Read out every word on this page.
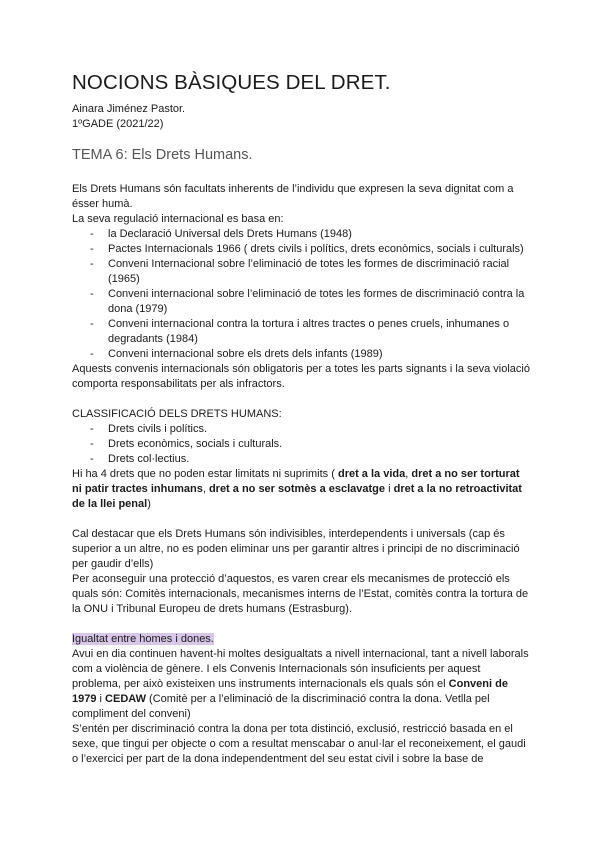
NOCIONS BÀSIQUES DEL DRET.
Ainara Jiménez Pastor.
1ºGADE (2021/22)
TEMA 6: Els Drets Humans.

Els Drets Humans són facultats inherents de l’individu que expresen la seva dignitat com a ésser humà.

La seva regulació internacional es basa en:

- la Declaració Universal dels Drets Humans (1948)
- Pactes Internacionals 1966 ( drets civils i polítics, drets econòmics, socials i culturals)
- Conveni Internacional sobre l’eliminació de totes les formes de discriminació racial (1965)
- Conveni internacional sobre l’eliminació de totes les formes de discriminació contra la dona (1979)
- Conveni internacional contra la tortura i altres tractes o penes cruels, inhumanes o degradants (1984)
- Conveni internacional sobre els drets dels infants (1989)

Aquests convenis internacionals són obligatoris per a totes les parts signants i la seva violació comporta responsabilitats per als infractors.

CLASSIFICACIÓ DELS DRETS HUMANS:

- Drets civils i polítics.
- Drets econòmics, socials i culturals.
- Drets col·lectius.

Hi ha 4 drets que no poden estar limitats ni suprimits ( dret a la vida, dret a no ser torturat ni patir tractes inhumans, dret a no ser sotmès a esclavatge i dret a la no retroactivitat de la llei penal)

Cal destacar que els Drets Humans són indivisibles, interdependents i universals (cap és superior a un altre, no es poden eliminar uns per garantir altres i principi de no discriminació per gaudir d’ells)

Per aconseguir una protecció d’aquestos, es varen crear els mecanismes de protecció els quals són: Comitès internacionals, mecanismes interns de l’Estat, comitès contra la tortura de la ONU i Tribunal Europeu de drets humans (Estrasburg).

Igualtat entre homes i dones.

Avui en dia continuen havent-hi moltes desigualtats a nivell internacional, tant a nivell laborals com a violència de gènere. I els Convenis Internacionals són insuficients per aquest problema, per això existeixen uns instruments internacionals els quals són el Conveni de 1979 i CEDAW (Comitè per a l’eliminació de la discriminació contra la dona. Vetlla pel compliment del conveni)

S’entén per discriminació contra la dona per tota distinció, exclusió, restricció basada en el sexe, que tingui per objecte o com a resultat menscabar o anul·lar el reconeixement, el gaudi o l’exercici per part de la dona independentment del seu estat civil i sobre la base de
